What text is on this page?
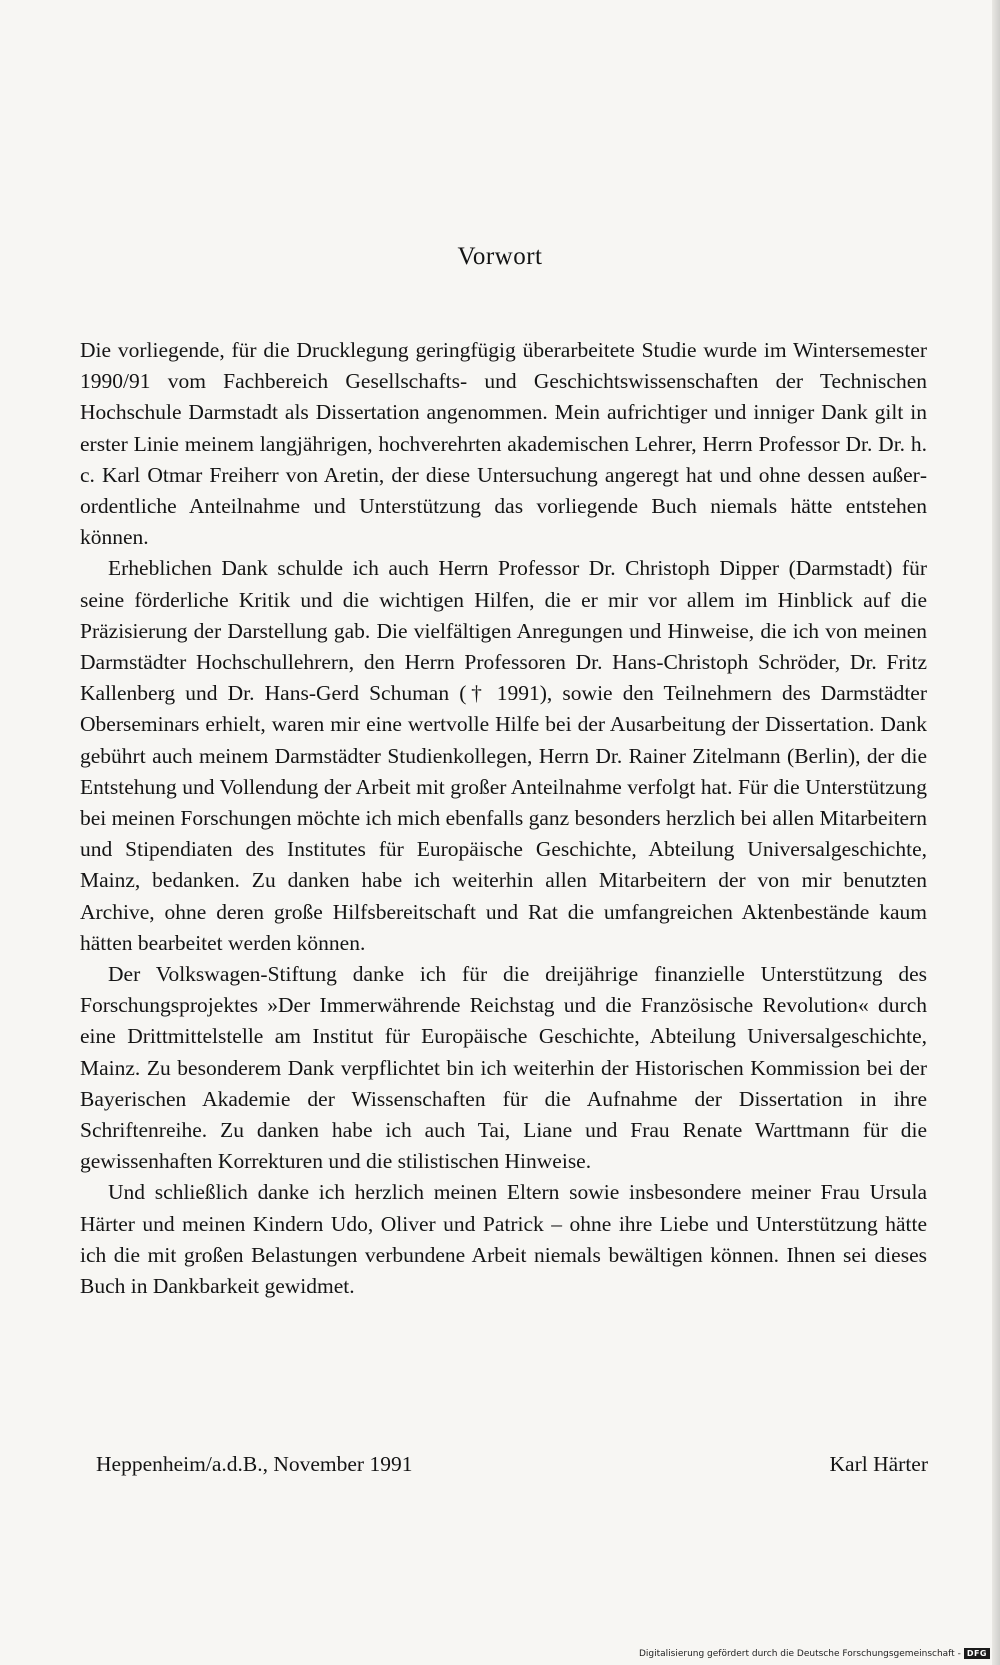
Vorwort

Die vorliegende, für die Drucklegung geringfügig überarbeitete Studie wurde im Wintersemester 1990/91 vom Fachbereich Gesellschafts- und Geschichtswissenschaften der Technischen Hochschule Darmstadt als Dissertation angenommen. Mein aufrichtiger und inniger Dank gilt in erster Linie meinem langjährigen, hochverehrten akademischen Lehrer, Herrn Professor Dr. Dr. h. c. Karl Otmar Freiherr von Aretin, der diese Untersuchung angeregt hat und ohne dessen außerordentliche Anteilnahme und Unterstützung das vorliegende Buch niemals hätte entstehen können.

Erheblichen Dank schulde ich auch Herrn Professor Dr. Christoph Dipper (Darmstadt) für seine förderliche Kritik und die wichtigen Hilfen, die er mir vor allem im Hinblick auf die Präzisierung der Darstellung gab. Die vielfältigen Anregungen und Hinweise, die ich von meinen Darmstädter Hochschullehrern, den Herrn Professoren Dr. Hans-Christoph Schröder, Dr. Fritz Kallenberg und Dr. Hans-Gerd Schuman († 1991), sowie den Teilnehmern des Darmstädter Oberseminars erhielt, waren mir eine wertvolle Hilfe bei der Ausarbeitung der Dissertation. Dank gebührt auch meinem Darmstädter Studienkollegen, Herrn Dr. Rainer Zitelmann (Berlin), der die Entstehung und Vollendung der Arbeit mit großer Anteilnahme verfolgt hat. Für die Unterstützung bei meinen Forschungen möchte ich mich ebenfalls ganz besonders herzlich bei allen Mitarbeitern und Stipendiaten des Institutes für Europäische Geschichte, Abteilung Universalgeschichte, Mainz, bedanken. Zu danken habe ich weiterhin allen Mitarbeitern der von mir benutzten Archive, ohne deren große Hilfsbereitschaft und Rat die umfangreichen Aktenbestände kaum hätten bearbeitet werden können.

Der Volkswagen-Stiftung danke ich für die dreijährige finanzielle Unterstützung des Forschungsprojektes »Der Immerwährende Reichstag und die Französische Revolution« durch eine Drittmittelstelle am Institut für Europäische Geschichte, Abteilung Universalgeschichte, Mainz. Zu besonderem Dank verpflichtet bin ich weiterhin der Historischen Kommission bei der Bayerischen Akademie der Wissenschaften für die Aufnahme der Dissertation in ihre Schriftenreihe. Zu danken habe ich auch Tai, Liane und Frau Renate Warttmann für die gewissenhaften Korrekturen und die stilistischen Hinweise.

Und schließlich danke ich herzlich meinen Eltern sowie insbesondere meiner Frau Ursula Härter und meinen Kindern Udo, Oliver und Patrick – ohne ihre Liebe und Unterstützung hätte ich die mit großen Belastungen verbundene Arbeit niemals bewältigen können. Ihnen sei dieses Buch in Dankbarkeit gewidmet.

Heppenheim/a.d.B., November 1991	Karl Härter
Digitalisierung gefördert durch die Deutsche Forschungsgemeinschaft - DFG
